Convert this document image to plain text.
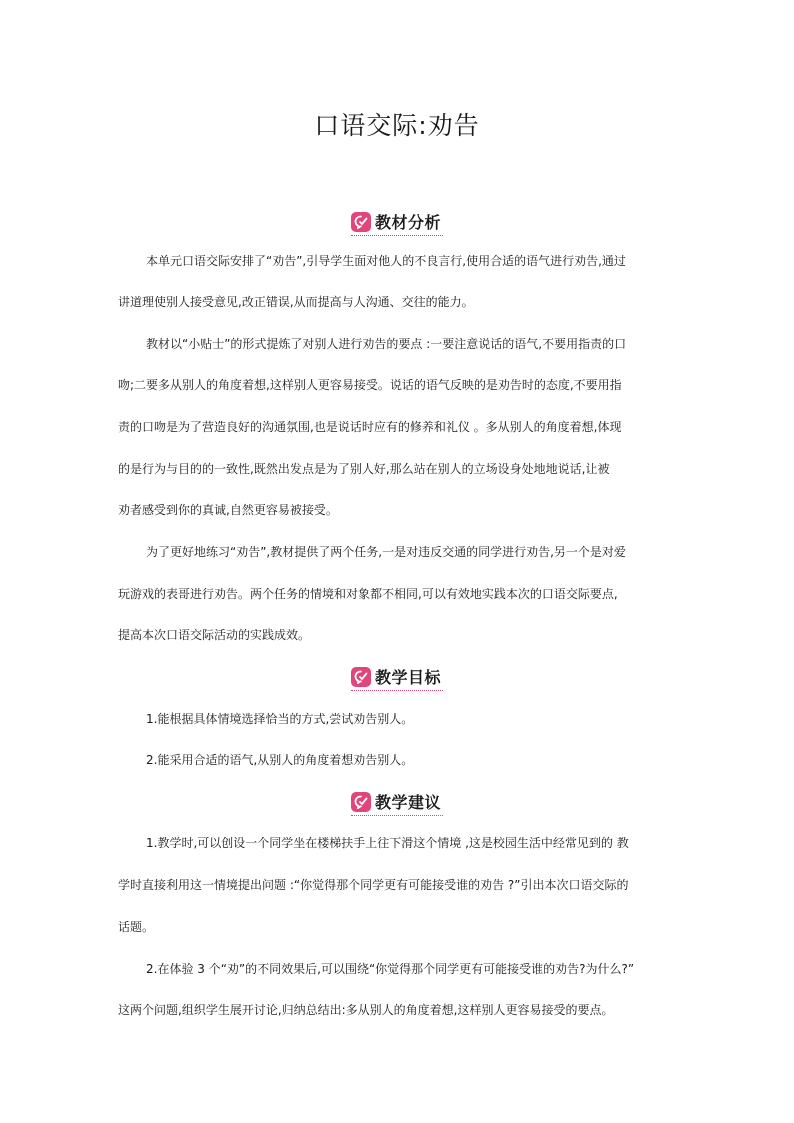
口语交际:劝告
教材分析
本单元口语交际安排了“劝告”,引导学生面对他人的不良言行,使用合适的语气进行劝告,通过
讲道理使别人接受意见,改正错误,从而提高与人沟通、交往的能力。
教材以“小贴士”的形式提炼了对别人进行劝告的要点 :一要注意说话的语气,不要用指责的口
吻;二要多从别人的角度着想,这样别人更容易接受。说话的语气反映的是劝告时的态度,不要用指
责的口吻是为了营造良好的沟通氛围,也是说话时应有的修养和礼仪 。多从别人的角度着想,体现
的是行为与目的的一致性,既然出发点是为了别人好,那么站在别人的立场设身处地地说话,让被
劝者感受到你的真诚,自然更容易被接受。
为了更好地练习“劝告”,教材提供了两个任务,一是对违反交通的同学进行劝告,另一个是对爱
玩游戏的表哥进行劝告。两个任务的情境和对象都不相同,可以有效地实践本次的口语交际要点,
提高本次口语交际活动的实践成效。
教学目标
1.能根据具体情境选择恰当的方式,尝试劝告别人。
2.能采用合适的语气,从别人的角度着想劝告别人。
教学建议
1.教学时,可以创设一个同学坐在楼梯扶手上往下滑这个情境 ,这是校园生活中经常见到的 教
学时直接利用这一情境提出问题 :“你觉得那个同学更有可能接受谁的劝告 ?”引出本次口语交际的
话题。
2.在体验 3 个“劝”的不同效果后,可以围绕“你觉得那个同学更有可能接受谁的劝告?为什么?”
这两个问题,组织学生展开讨论,归纳总结出:多从别人的角度着想,这样别人更容易接受的要点。
